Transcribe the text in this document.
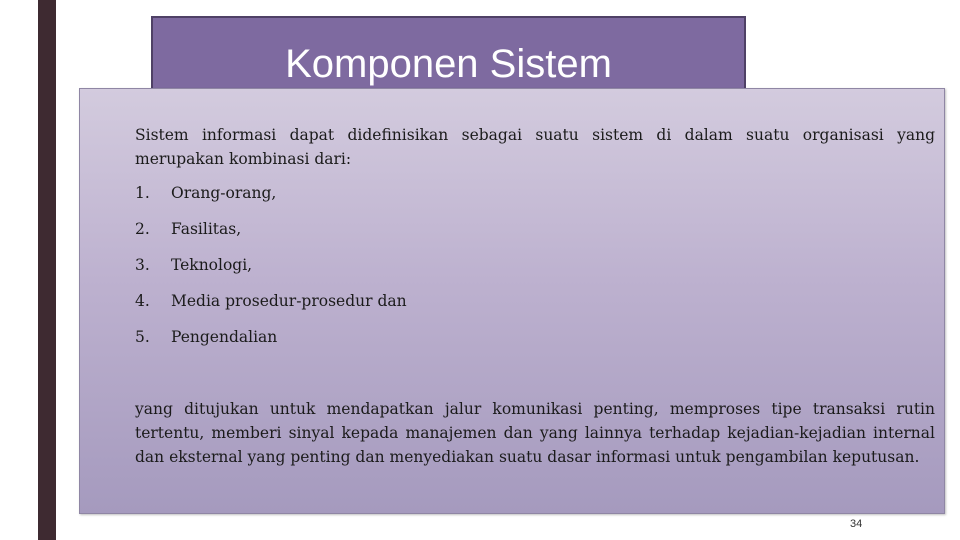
Komponen Sistem

Sistem informasi dapat didefinisikan sebagai suatu sistem di dalam suatu organisasi yang merupakan kombinasi dari:

1. Orang-orang,
2. Fasilitas,
3. Teknologi,
4. Media prosedur-prosedur dan
5. Pengendalian

yang ditujukan untuk mendapatkan jalur komunikasi penting, memproses tipe transaksi rutin tertentu, memberi sinyal kepada manajemen dan yang lainnya terhadap kejadian-kejadian internal dan eksternal yang penting dan menyediakan suatu dasar informasi untuk pengambilan keputusan.

34
